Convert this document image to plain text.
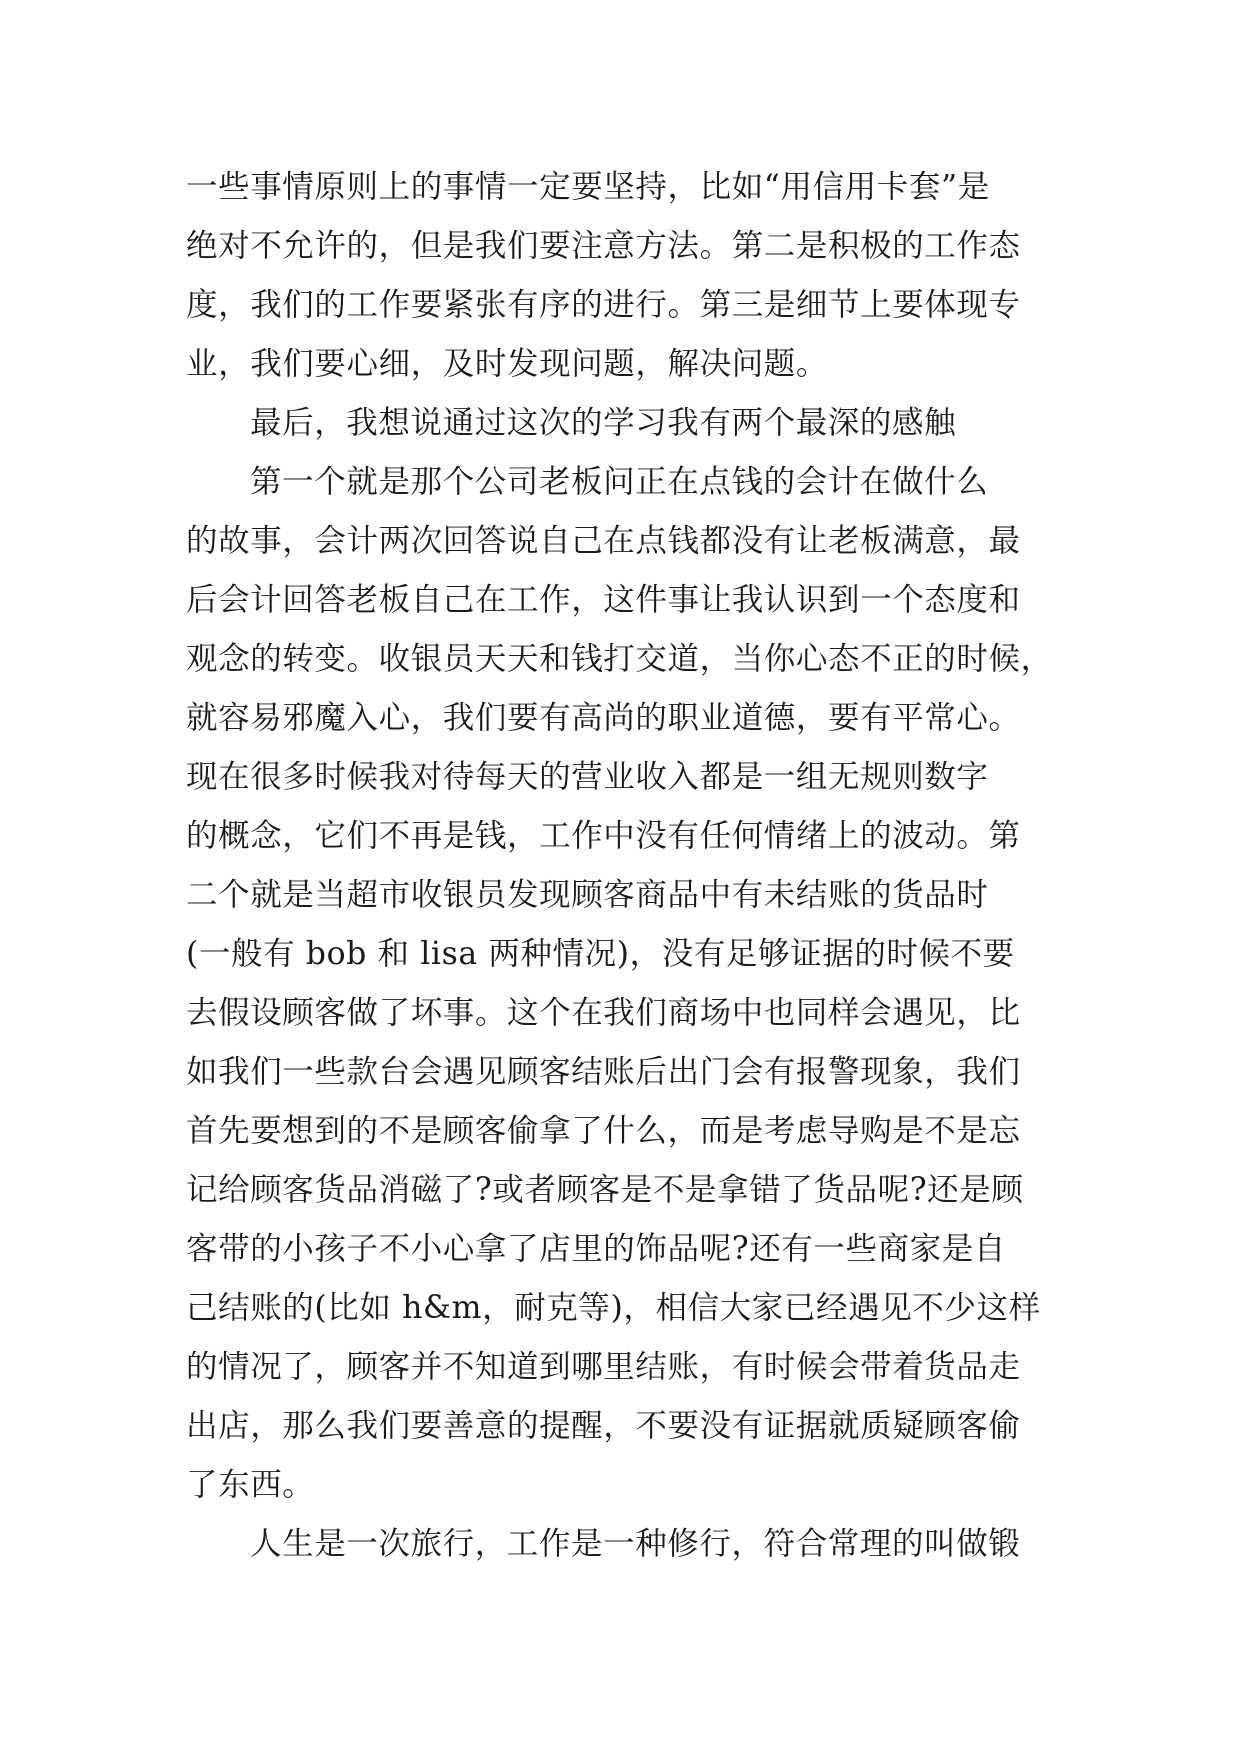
一些事情原则上的事情一定要坚持，比如“用信用卡套”是
绝对不允许的，但是我们要注意方法。第二是积极的工作态
度，我们的工作要紧张有序的进行。第三是细节上要体现专
业，我们要心细，及时发现问题，解决问题。
最后，我想说通过这次的学习我有两个最深的感触
第一个就是那个公司老板问正在点钱的会计在做什么
的故事，会计两次回答说自己在点钱都没有让老板满意，最
后会计回答老板自己在工作，这件事让我认识到一个态度和
观念的转变。收银员天天和钱打交道，当你心态不正的时候，
就容易邪魔入心，我们要有高尚的职业道德，要有平常心。
现在很多时候我对待每天的营业收入都是一组无规则数字
的概念，它们不再是钱，工作中没有任何情绪上的波动。第
二个就是当超市收银员发现顾客商品中有未结账的货品时
(一般有 bob 和 lisa 两种情况)，没有足够证据的时候不要
去假设顾客做了坏事。这个在我们商场中也同样会遇见，比
如我们一些款台会遇见顾客结账后出门会有报警现象，我们
首先要想到的不是顾客偷拿了什么，而是考虑导购是不是忘
记给顾客货品消磁了?或者顾客是不是拿错了货品呢?还是顾
客带的小孩子不小心拿了店里的饰品呢?还有一些商家是自
己结账的(比如 h&m，耐克等)，相信大家已经遇见不少这样
的情况了，顾客并不知道到哪里结账，有时候会带着货品走
出店，那么我们要善意的提醒，不要没有证据就质疑顾客偷
了东西。
人生是一次旅行，工作是一种修行，符合常理的叫做锻
